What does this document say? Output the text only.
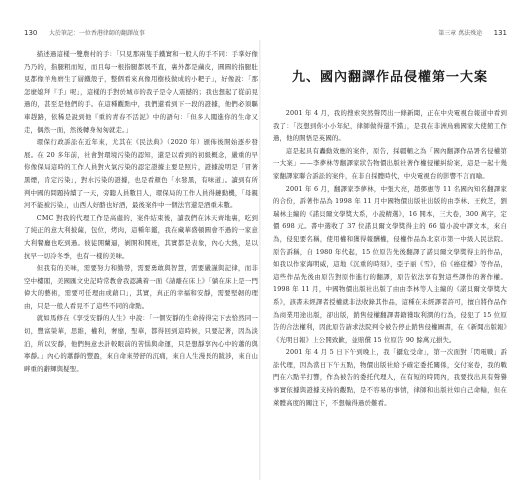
130 大於筆記：一位香港律師的翻譯故事

描述過這樣一雙農村的手：「只見那兩隻手鐵實和一般人的手不同：手掌好像乃乃的，指腿粗而短，而且每一根指腿都展不直，裏外都是繭皮，圓圓的指腿肚見都像羊角磨生了層鐵殼子，整個看來真像用樹枝做成的小耙子」，好像說：「那怎麼媳拜『手』呢」，這樣的手對於城市的我子是令人震撼的；我也想起了從前見過的，甚至是他們的手。在這種觀點中，我們還看到下一段的證據，他們必須驅車趕路，依稀是說到他『重的青春不活泥》中的語句：「但多人闖進你的生命又走，偶然一面，然後轉身匆匆就走。」

環保行政訴訟在近年來，尤其在《民法典》（2020 年）頒佈後開始逐步發展。在 20 多年前，社會對環境污染的認知，還是以看到的初級概念，嚴重的早你像保局這時的工作人員對火氣污染的認定證據主要是照片，證據說明是「冒著黑煙，肯定污染」，對水污染的證據，也是看顏色「水發黑，有味道」。讀到有所判中國的問題持續了一天，旁聽人員數目人，環保局的工作人員得鏈動機，「母親河不能被污染」，山西人好酪也好酒，最後案件中一個法官還是酒重未數。

CMC 對我的代理工作是高處的，案件結束後，讀我們在沐天齊地裏，吃到了純正的意大利披薩，包位，烤肉，這種年鑑，我在藏華盛頓圓會不過的一家意大利餐廳也吃到過。彼徒開蘭逼，剝開和開班，其實都是表象，內心大熱，足以抗早一切冷冬季，也有一樣的美味。

但我有的美味，需要努力和勤勞，需要勇敢與智慧，需要嚴謹與記律，而非空中樓閣，美國匯文史記時常教會我認識着一面《請離在床上》「躺在床上是一門偉大的藝術，需要可任理由或藉口」，其實，真正的幸福和安靜，需要堅韌的理由，只是一般人看見不了這些不同的命點。

就如馬修在《享受安靜的人生》中說：「一個安靜的生命持得完下去恰然同一切，豐富榮華，思維，權利，奢靡，聖華，都得回到這時候，只要記著，因為淡泊，所以安靜，他們無意去計較眼前的苦惱與命運，只是想靜享內心中的蕭的與寧靜。」內心的蕭靜的豐盈，來自命來勞舒的沉痛，來自人生漫長的跋涉，來自山畔重的辭輝與疑聖。

第三章 萬法殊途 131
九、國內翻譯作品侵權第一大案

2001 年 4 月，我的搜索突然聲閃出一條新聞，正在中央電視台報道中看到我了：「沒想到你小小年紀，律師做得還不錯」，是我在非洲鳥鴉國家大使館工作過，他的開悟是英國的。

這是起具有轟動效應的案件，原告，採疆輔之為「國內翻譯作品署名侵權第一大案」——李夢林等翻譯家狀告物價出版社著作權侵權糾紛案，這是一起十幾家翻譯家聯合訴訟的案件，在非自採體時代，中央電視台的影響不言而喻。

2001 年 6 月，翻譯家李夢林，中張大亮，趙鄧惠等 11 名國內知名翻譯家的合份，訴著作品為 1998 年 11 月中國物價出版社出版的由李林、王攸芝，劉瑞林主編的《諾貝爾文學獎大系，小說精選》，16 開本，三大卷，300 萬字，定價 698 元。書中選收了 37 位諾貝爾文學獎得主的 66 篇小說中譯文本，來自為，侵犯要名稱，使用權和獲得報酬權，侵權作品為北京市第一中級人民法院。原告訴稱，自 1980 年代起，15 位原告先後翻譯了諾貝爾文學獎得主的作品，如我以作家海明威，這地《沉重的時刻》，亞子丽《雪》，伯《癌症樓》等作品，這些作品先後由原告對原作進行的翻譯，原告依法享有對這些譯作的著作權。1998 年 11 月，中國物價出版社出版了由由李林等人主編的《諾貝爾文學獎大系》，該書未經譯者授權就非法收錄其作品，這種在未經譯者許可，擅自將作品作為商業用途出版，卻出版，銷售侵權翻譯書籍獲取利潤的行為，侵犯了 15 位原告的合法權利，因此原告請求法院判令被告停止銷售侵權圖書，在《新聞出版報》《光明日報》上公開致歉，並賠償 15 位原告 90 餘萬元損失。

2001 年 4 月 5 日下午到晚上，我「攝危受命」，第一次面對「閃電戰」訴訟代理，因為當日下午五點，物價出版社給予確定委托關係，交付案卷，我的戰門在六點半打響，作為被告的委托代理人，在有短的時間內，我要找出具有聲譽事實依據與證據支持的觀點，是不容易的事情，律師和出版社如自己命輸，但在萊體高度的關注下，不想輸得過於難看。
